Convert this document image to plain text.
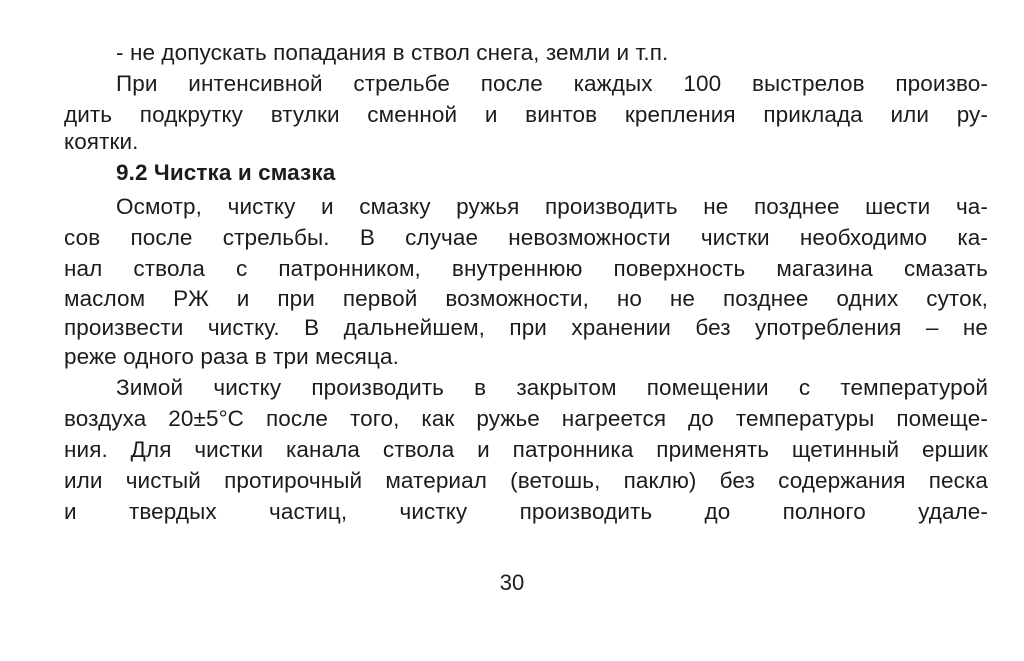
- не допускать попадания в ствол снега, земли и т.п.
При интенсивной стрельбе после каждых 100 выстрелов произво-
дить подкрутку втулки сменной и винтов крепления приклада или ру-
коятки.
9.2 Чистка и смазка
Осмотр, чистку и смазку ружья производить не позднее шести ча-
сов после стрельбы. В случае невозможности чистки необходимо ка-
нал ствола с патронником, внутреннюю поверхность магазина смазать
маслом РЖ и при первой возможности, но не позднее одних суток,
произвести чистку. В дальнейшем, при хранении без употребления – не
реже одного раза в три месяца.
Зимой чистку производить в закрытом помещении с температурой
воздуха 20±5°С после того, как ружье нагреется до температуры помеще-
ния. Для чистки канала ствола и патронника применять щетинный ершик
или чистый протирочный материал (ветошь, паклю) без содержания песка
и твердых частиц, чистку производить до полного удале-
30
